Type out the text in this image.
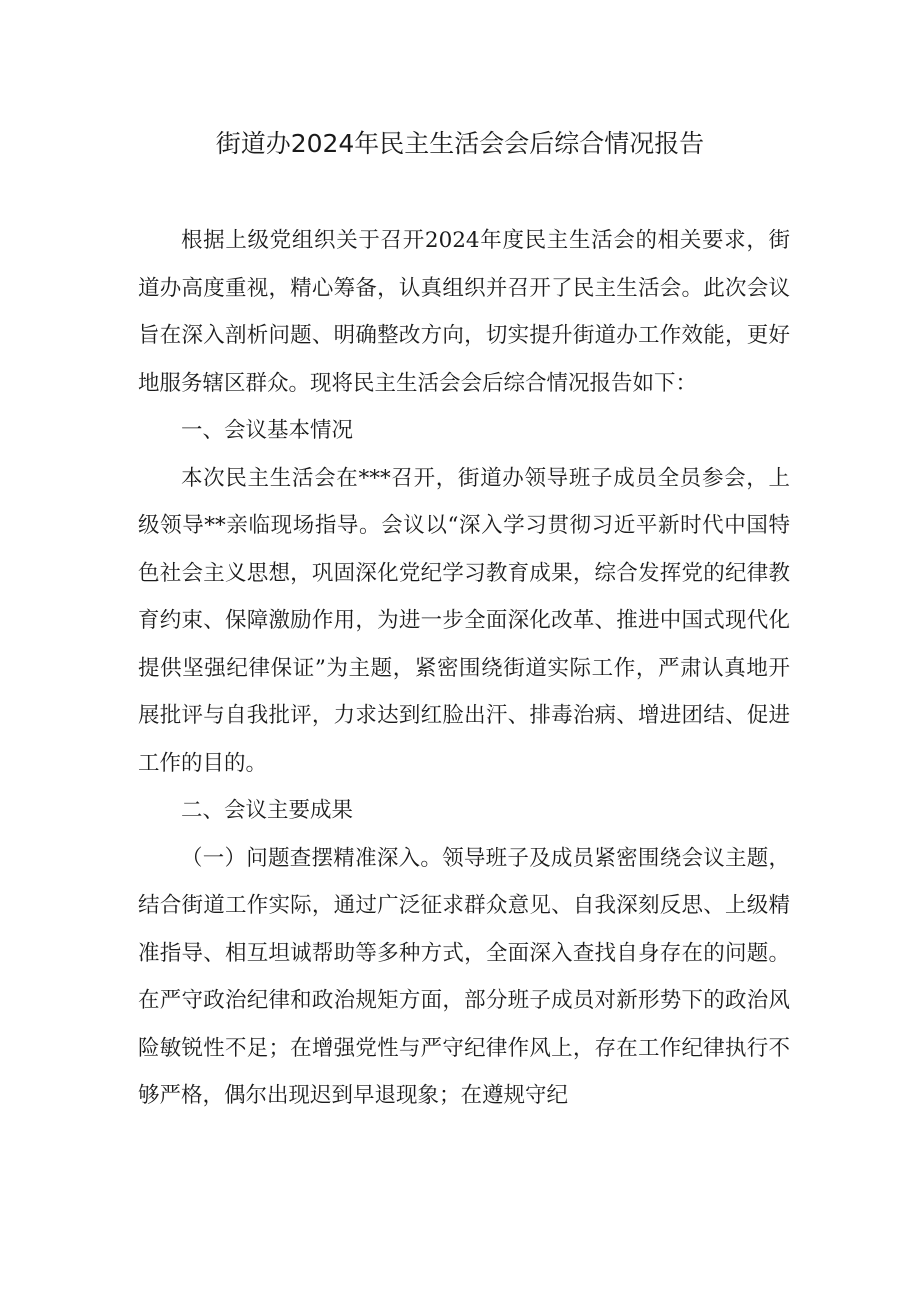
街道办2024年民主生活会会后综合情况报告

根据上级党组织关于召开2024年度民主生活会的相关要求，街道办高度重视，精心筹备，认真组织并召开了民主生活会。此次会议旨在深入剖析问题、明确整改方向，切实提升街道办工作效能，更好地服务辖区群众。现将民主生活会会后综合情况报告如下：

一、会议基本情况

本次民主生活会在***召开，街道办领导班子成员全员参会，上级领导**亲临现场指导。会议以“深入学习贯彻习近平新时代中国特色社会主义思想，巩固深化党纪学习教育成果，综合发挥党的纪律教育约束、保障激励作用，为进一步全面深化改革、推进中国式现代化提供坚强纪律保证”为主题，紧密围绕街道实际工作，严肃认真地开展批评与自我批评，力求达到红脸出汗、排毒治病、增进团结、促进工作的目的。

二、会议主要成果

（一）问题查摆精准深入。领导班子及成员紧密围绕会议主题，结合街道工作实际，通过广泛征求群众意见、自我深刻反思、上级精准指导、相互坦诚帮助等多种方式，全面深入查找自身存在的问题。在严守政治纪律和政治规矩方面，部分班子成员对新形势下的政治风险敏锐性不足；在增强党性与严守纪律作风上，存在工作纪律执行不够严格，偶尔出现迟到早退现象；在遵规守纪
